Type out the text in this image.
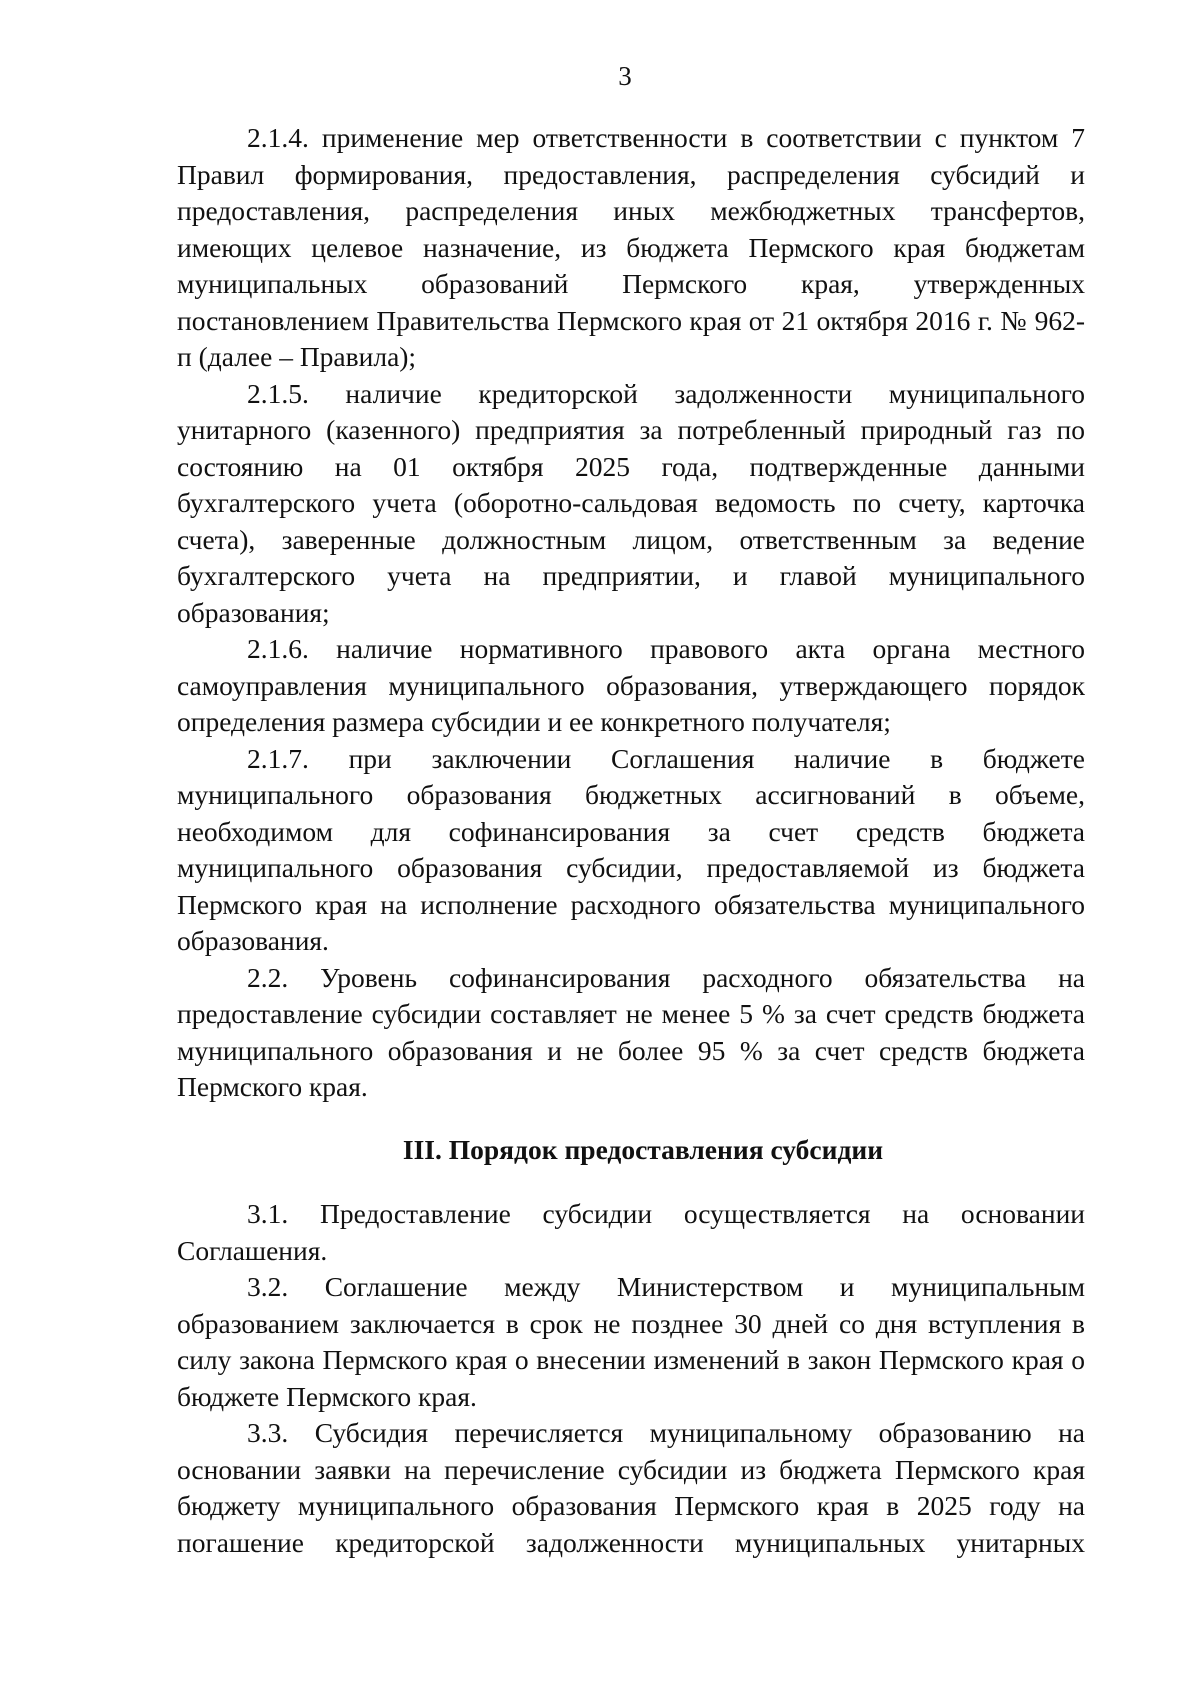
3

2.1.4. применение мер ответственности в соответствии с пунктом 7 Правил формирования, предоставления, распределения субсидий и предоставления, распределения иных межбюджетных трансфертов, имеющих целевое назначение, из бюджета Пермского края бюджетам муниципальных образований Пермского края, утвержденных постановлением Правительства Пермского края от 21 октября 2016 г. № 962-п (далее – Правила);

2.1.5. наличие кредиторской задолженности муниципального унитарного (казенного) предприятия за потребленный природный газ по состоянию на 01 октября 2025 года, подтвержденные данными бухгалтерского учета (оборотно-сальдовая ведомость по счету, карточка счета), заверенные должностным лицом, ответственным за ведение бухгалтерского учета на предприятии, и главой муниципального образования;

2.1.6. наличие нормативного правового акта органа местного самоуправления муниципального образования, утверждающего порядок определения размера субсидии и ее конкретного получателя;

2.1.7. при заключении Соглашения наличие в бюджете муниципального образования бюджетных ассигнований в объеме, необходимом для софинансирования за счет средств бюджета муниципального образования субсидии, предоставляемой из бюджета Пермского края на исполнение расходного обязательства муниципального образования.

2.2. Уровень софинансирования расходного обязательства на предоставление субсидии составляет не менее 5 % за счет средств бюджета муниципального образования и не более 95 % за счет средств бюджета Пермского края.

III. Порядок предоставления субсидии

3.1. Предоставление субсидии осуществляется на основании Соглашения.

3.2. Соглашение между Министерством и муниципальным образованием заключается в срок не позднее 30 дней со дня вступления в силу закона Пермского края о внесении изменений в закон Пермского края о бюджете Пермского края.

3.3. Субсидия перечисляется муниципальному образованию на основании заявки на перечисление субсидии из бюджета Пермского края бюджету муниципального образования Пермского края в 2025 году на погашение кредиторской задолженности муниципальных унитарных
